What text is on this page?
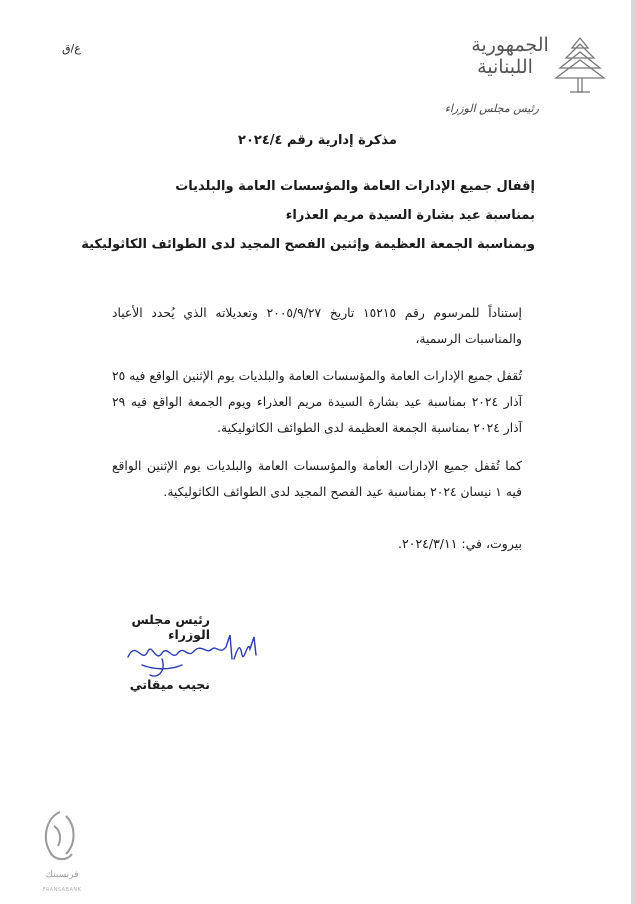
الجمهورية
اللبنانية
رئيس مجلس الوزراء
ع/ق
مذكرة إدارية رقم ٢٠٢٤/٤
إقفال جميع الإدارات العامة والمؤسسات العامة والبلديات
بمناسبة عيد بشارة السيدة مريم العذراء
وبمناسبة الجمعة العظيمة وإثنين الفصح المجيد لدى الطوائف الكاثوليكية
إستناداً للمرسوم رقم ١٥٢١٥ تاريخ ٢٠٠٥/٩/٢٧ وتعديلاته الذي يُحدد الأعياد والمناسبات الرسمية،
تُقفل جميع الإدارات العامة والمؤسسات العامة والبلديات يوم الإثنين الواقع فيه ٢٥ آذار ٢٠٢٤ بمناسبة عيد بشارة السيدة مريم العذراء ويوم الجمعة الواقع فيه ٢٩ آذار ٢٠٢٤ بمناسبة الجمعة العظيمة لدى الطوائف الكاثوليكية.
كما تُقفل جميع الإدارات العامة والمؤسسات العامة والبلديات يوم الإثنين الواقع فيه ١ نيسان ٢٠٢٤ بمناسبة عيد الفصح المجيد لدى الطوائف الكاثوليكية.
بيروت، في: ٢٠٢٤/٣/١١.
رئيس مجلس الوزراء
نجيب ميقاتي
فرنسبنك
FRANSABANK
